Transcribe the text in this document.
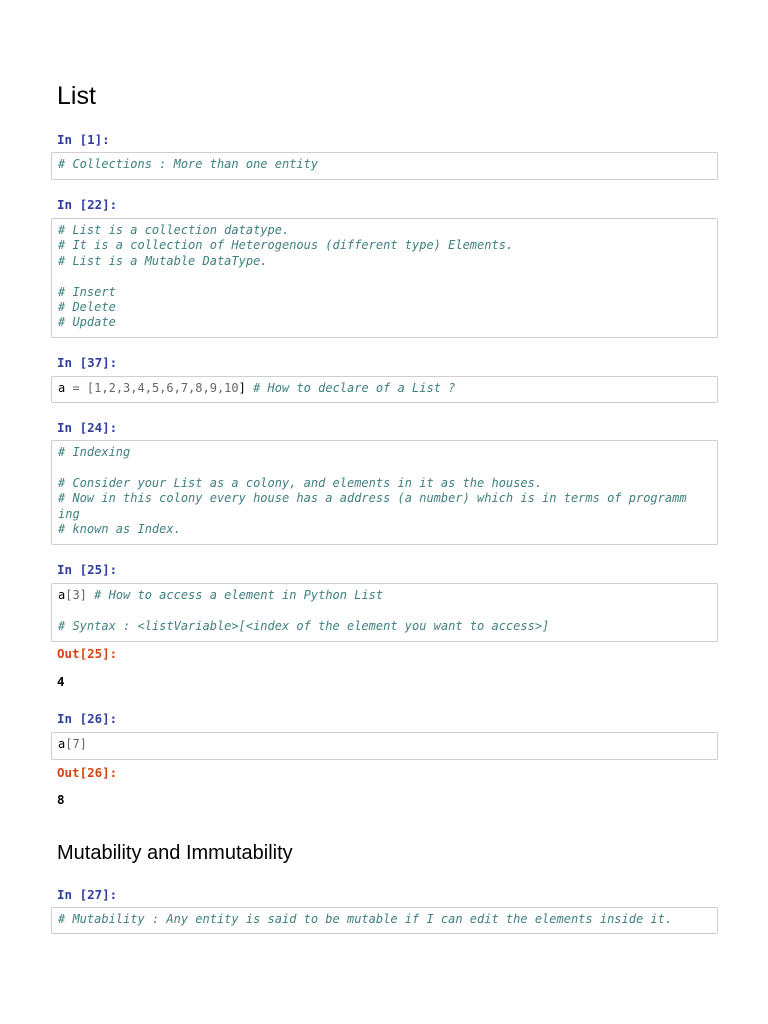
List
In [1]:
# Collections : More than one entity
In [22]:
# List is a collection datatype.
# It is a collection of Heterogenous (different type) Elements.
# List is a Mutable DataType.

# Insert
# Delete
# Update
In [37]:
a = [1,2,3,4,5,6,7,8,9,10] # How to declare of a List ?
In [24]:
# Indexing

# Consider your List as a colony, and elements in it as the houses.
# Now in this colony every house has a address (a number) which is in terms of programm
ing
# known as Index.
In [25]:
a[3] # How to access a element in Python List

# Syntax : <listVariable>[<index of the element you want to access>]
Out[25]:
4
In [26]:
a[7]
Out[26]:
8
Mutability and Immutability
In [27]:
# Mutability : Any entity is said to be mutable if I can edit the elements inside it.
